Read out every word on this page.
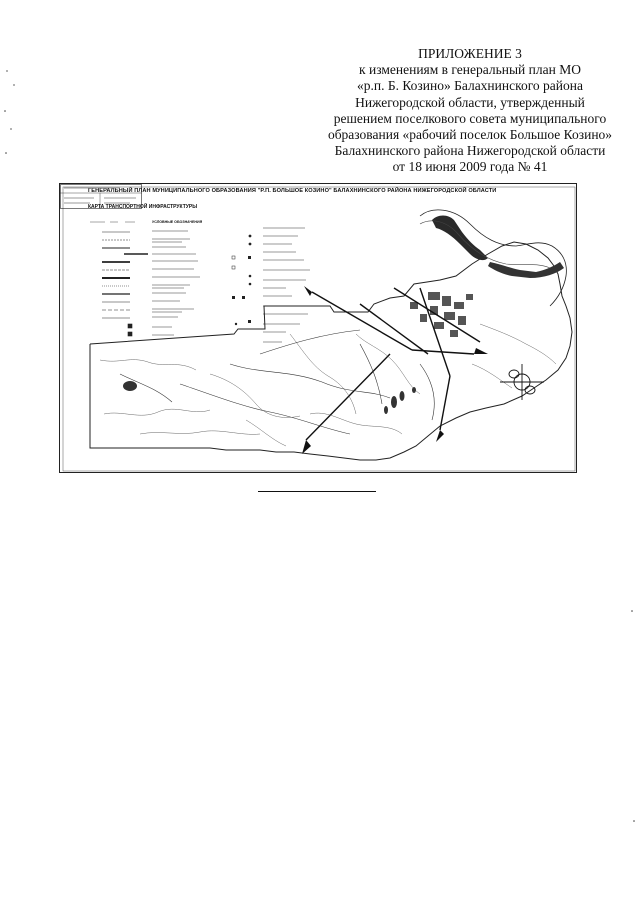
ПРИЛОЖЕНИЕ 3
к изменениям в генеральный план МО
«р.п. Б. Козино» Балахнинского района
Нижегородской области, утвержденный
решением поселкового совета муниципального
образования «рабочий поселок Большое Козино»
Балахнинского района Нижегородской области
от 18 июня 2009 года № 41
ГЕНЕРАЛЬНЫЙ ПЛАН МУНИЦИПАЛЬНОГО ОБРАЗОВАНИЯ "Р.П. БОЛЬШОЕ КОЗИНО" БАЛАХНИНСКОГО РАЙОНА НИЖЕГОРОДСКОЙ ОБЛАСТИ
КАРТА ТРАНСПОРТНОЙ ИНФРАСТРУКТУРЫ
УСЛОВНЫЕ ОБОЗНАЧЕНИЯ
